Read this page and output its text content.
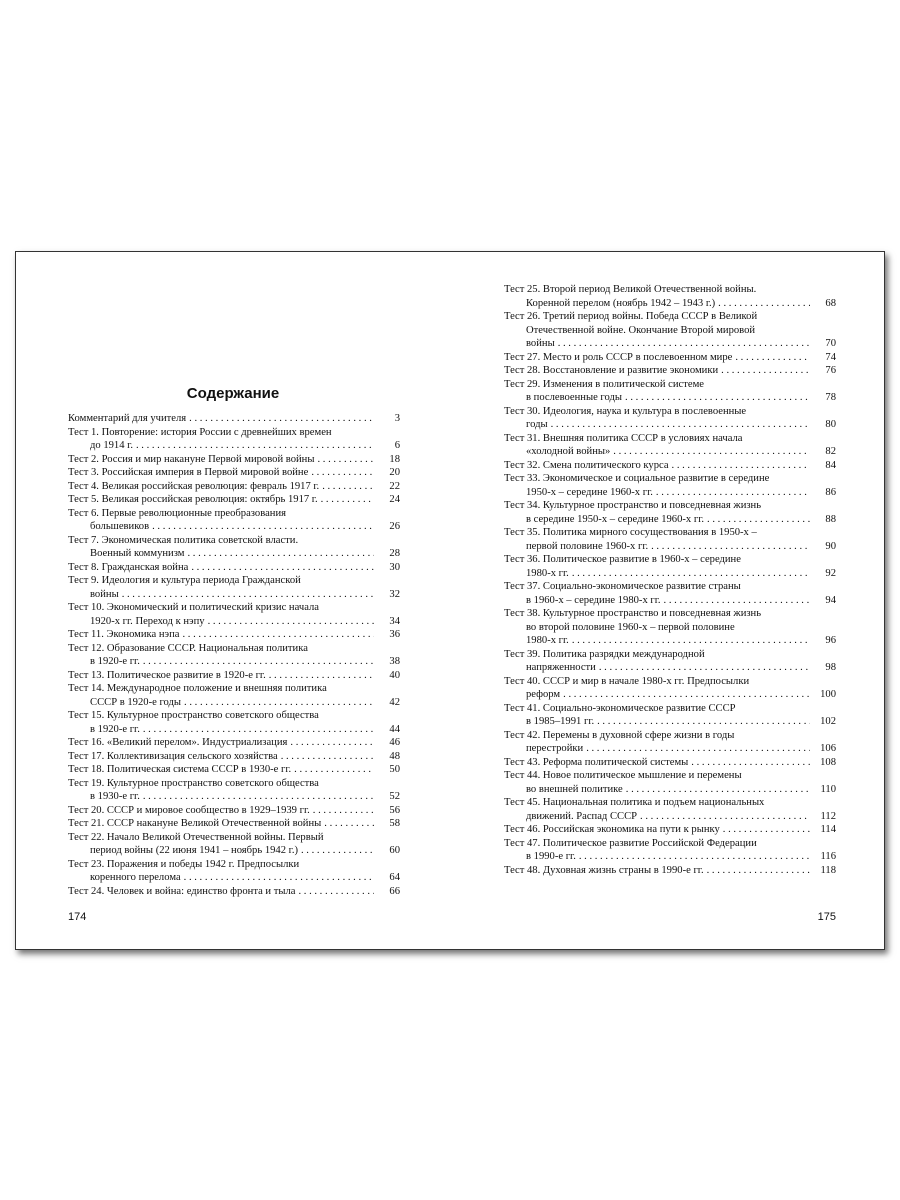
Содержание
Комментарий для учителя . . .	3
Тест 1. Повторение: история России с древнейших времен
до 1914 г. . . .	6
Тест 2. Россия и мир накануне Первой мировой войны . . .	18
Тест 3. Российская империя в Первой мировой войне . . .	20
Тест 4. Великая российская революция: февраль 1917 г. . . .	22
Тест 5. Великая российская революция: октябрь 1917 г. . . .	24
Тест 6. Первые революционные преобразования
большевиков . . .	26
Тест 7. Экономическая политика советской власти.
Военный коммунизм . . .	28
Тест 8. Гражданская война . . .	30
Тест 9. Идеология и культура периода Гражданской
войны . . .	32
Тест 10. Экономический и политический кризис начала
1920-х гг. Переход к нэпу . . .	34
Тест 11. Экономика нэпа . . .	36
Тест 12. Образование СССР. Национальная политика
в 1920-е гг. . . .	38
Тест 13. Политическое развитие в 1920-е гг. . . .	40
Тест 14. Международное положение и внешняя политика
СССР в 1920-е годы . . .	42
Тест 15. Культурное пространство советского общества
в 1920-е гг. . . .	44
Тест 16. «Великий перелом». Индустриализация . . .	46
Тест 17. Коллективизация сельского хозяйства . . .	48
Тест 18. Политическая система СССР в 1930-е гг. . . .	50
Тест 19. Культурное пространство советского общества
в 1930-е гг. . . .	52
Тест 20. СССР и мировое сообщество в 1929–1939 гг. . . .	56
Тест 21. СССР накануне Великой Отечественной войны . . .	58
Тест 22. Начало Великой Отечественной войны. Первый
период войны (22 июня 1941 – ноябрь 1942 г.) . . .	60
Тест 23. Поражения и победы 1942 г. Предпосылки
коренного перелома . . .	64
Тест 24. Человек и война: единство фронта и тыла . . .	66
174
Тест 25. Второй период Великой Отечественной войны.
Коренной перелом (ноябрь 1942 – 1943 г.) . . .	68
Тест 26. Третий период войны. Победа СССР в Великой
Отечественной войне. Окончание Второй мировой
войны . . .	70
Тест 27. Место и роль СССР в послевоенном мире . . .	74
Тест 28. Восстановление и развитие экономики . . .	76
Тест 29. Изменения в политической системе
в послевоенные годы . . .	78
Тест 30. Идеология, наука и культура в послевоенные
годы . . .	80
Тест 31. Внешняя политика СССР в условиях начала
«холодной войны» . . .	82
Тест 32. Смена политического курса . . .	84
Тест 33. Экономическое и социальное развитие в середине
1950-х – середине 1960-х гг. . . .	86
Тест 34. Культурное пространство и повседневная жизнь
в середине 1950-х – середине 1960-х гг. . . .	88
Тест 35. Политика мирного сосуществования в 1950-х –
первой половине 1960-х гг. . . .	90
Тест 36. Политическое развитие в 1960-х – середине
1980-х гг. . . .	92
Тест 37. Социально-экономическое развитие страны
в 1960-х – середине 1980-х гг. . . .	94
Тест 38. Культурное пространство и повседневная жизнь
во второй половине 1960-х – первой половине
1980-х гг. . . .	96
Тест 39. Политика разрядки международной
напряженности . . .	98
Тест 40. СССР и мир в начале 1980-х гг. Предпосылки
реформ . . .	100
Тест 41. Социально-экономическое развитие СССР
в 1985–1991 гг. . . .	102
Тест 42. Перемены в духовной сфере жизни в годы
перестройки . . .	106
Тест 43. Реформа политической системы . . .	108
Тест 44. Новое политическое мышление и перемены
во внешней политике . . .	110
Тест 45. Национальная политика и подъем национальных
движений. Распад СССР . . .	112
Тест 46. Российская экономика на пути к рынку . . .	114
Тест 47. Политическое развитие Российской Федерации
в 1990-е гг. . . .	116
Тест 48. Духовная жизнь страны в 1990-е гг. . . .	118
175
